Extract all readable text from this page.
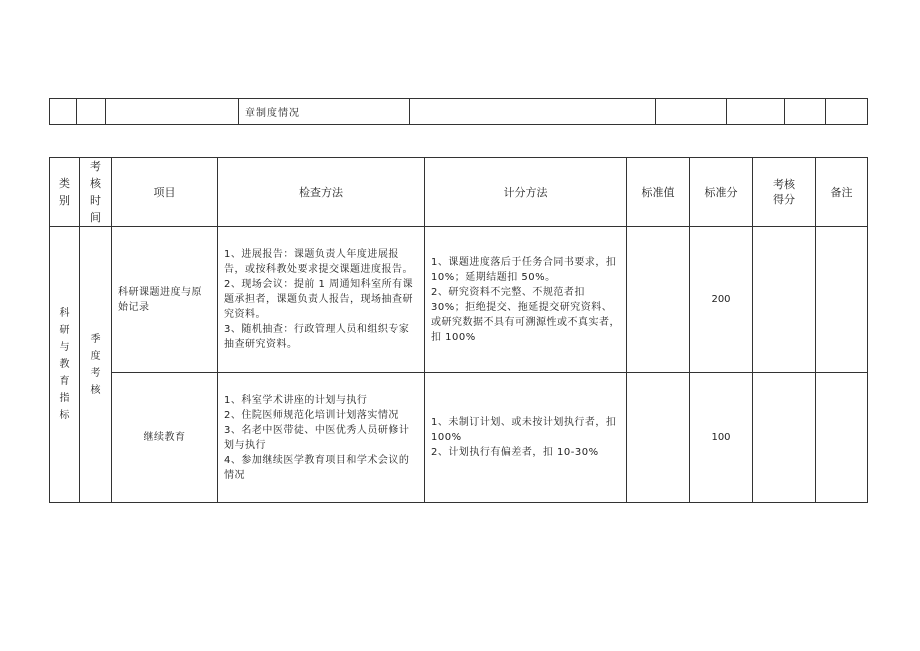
			章制度情况					
类别	考核时间	项目	检查方法	计分方法	标准值	标准分	考核得分	备注

科研与教育指标	季度考核	科研课题进度与原始记录	1、进展报告：课题负责人年度进展报告，或按科教处要求提交课题进度报告。
2、现场会议：提前 1 周通知科室所有课题承担者，课题负责人报告，现场抽查研究资料。
3、随机抽查：行政管理人员和组织专家抽查研究资料。	1、课题进度落后于任务合同书要求，扣 10%；延期结题扣 50%。
2、研究资料不完整、不规范者扣 30%；拒绝提交、拖延提交研究资料、或研究数据不具有可溯源性或不真实者，扣 100%		200		
		继续教育	1、科室学术讲座的计划与执行
2、住院医师规范化培训计划落实情况
3、名老中医带徒、中医优秀人员研修计划与执行
4、参加继续医学教育项目和学术会议的情况	1、未制订计划、或未按计划执行者，扣 100%
2、计划执行有偏差者，扣 10-30%		100		
